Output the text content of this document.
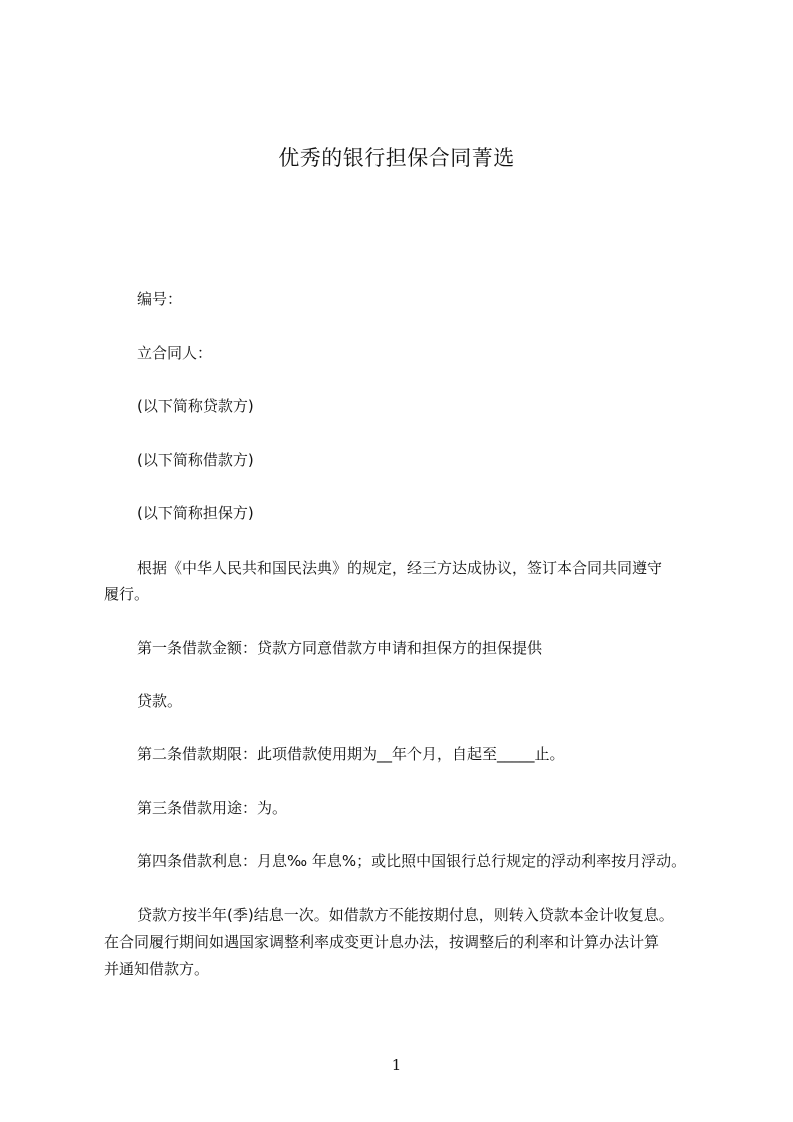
优秀的银行担保合同菁选

编号：

立合同人：

(以下简称贷款方)

(以下简称借款方)

(以下简称担保方)

根据《中华人民共和国民法典》的规定，经三方达成协议，签订本合同共同遵守

履行。

第一条借款金额：贷款方同意借款方申请和担保方的担保提供

贷款。

第二条借款期限：此项借款使用期为__年个月，自起至_____止。

第三条借款用途：为。

第四条借款利息：月息‰ 年息%；或比照中国银行总行规定的浮动利率按月浮动。

贷款方按半年(季)结息一次。如借款方不能按期付息，则转入贷款本金计收复息。

在合同履行期间如遇国家调整利率成变更计息办法，按调整后的利率和计算办法计算

并通知借款方。

1
